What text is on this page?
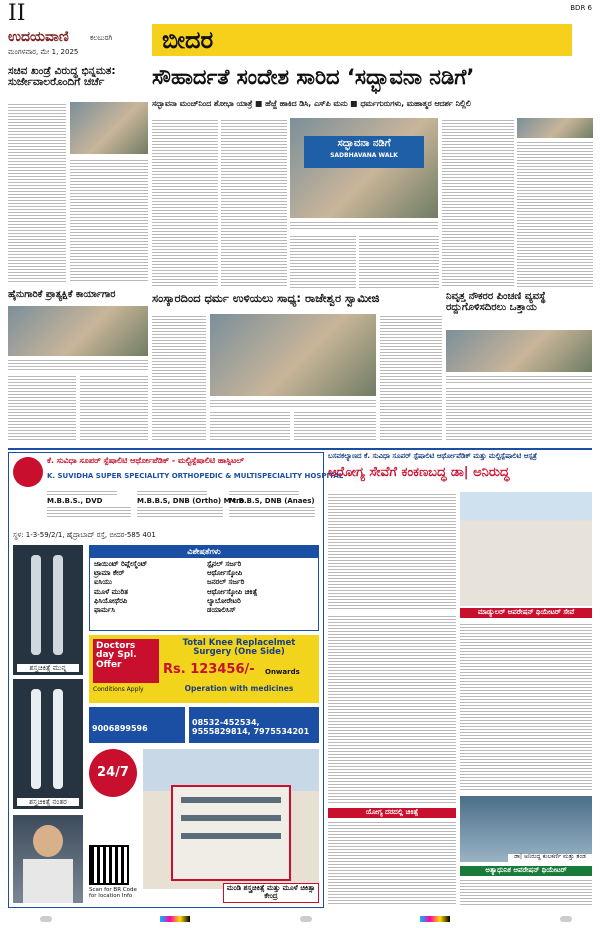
II
ಉದಯವಾಣಿ	ಕಲಬುರಗಿ
ಮಂಗಳವಾರ, ಮೇ 1, 2025	ಬೀದರ
BDR 6
ಸೌಹಾರ್ದತೆ ಸಂದೇಶ ಸಾರಿದ ‘ಸದ್ಭಾವನಾ ನಡಿಗೆ’
ಸದ್ಭಾವನಾ ಮಂಚ್‌ನಿಂದ ಶೋಭಾ ಯಾತ್ರೆ ■ ಹೆಜ್ಜೆ ಹಾಕಿದ ಡಿಸಿ, ಎಸ್‌ಪಿ ಮನು ■ ಧರ್ಮಗುರುಗಳು, ಮಹಾತ್ಮರ ಆದರ್ಶ ನಿಲ್ಲಿಲಿ
ಸದ್ಭಾವನಾ ನಡಿಗೆ
SADBHAVANA WALK
ಸಚಿವ ಖಂಡ್ರೆ ವಿರುದ್ಧ ಭಿನ್ನಮತ: ಸುರ್ಜೇವಾಲರೊಂದಿಗೆ ಚರ್ಚೆ
ಹೈನುಗಾರಿಕೆ ಪ್ರಾತ್ಯಕ್ಷಿಕೆ ಕಾರ್ಯಾಗಾರ	ಸಂಸ್ಕಾರದಿಂದ ಧರ್ಮ ಉಳಿಯಲು ಸಾಧ್ಯ: ರಾಜೇಶ್ವರ ಸ್ವಾಮೀಜಿ	ನಿವೃತ್ತ ನೌಕರರ ಪಿಂಚಣಿ ವ್ಯವಸ್ಥೆ ರದ್ದುಗೊಳಿಸದಿರಲು ಒತ್ತಾಯ
ಕೆ. ಸುವಿಧಾ ಸೂಪರ್ ಸ್ಪೆಷಾಲಿಟಿ ಆರ್ಥೋಪೆಡಿಕ್ - ಮಲ್ಟಿಸ್ಪೆಷಾಲಿಟಿ ಹಾಸ್ಪಿಟಲ್
K. SUVIDHA SUPER SPECIALITY ORTHOPEDIC & MULTISPECIALITY HOSPITAL
M.B.B.S., DVD	M.B.B.S, DNB (Ortho) M'tro
M.B.B.S, DNB (Anaes)
ಸ್ಥಳ: 1-3-59/2/1, ಹೈದ್ರಾಬಾದ್ ರಸ್ತೆ, ಬೀದರ-585 401
ಶಸ್ತ್ರಚಿಕಿತ್ಸೆ ಮುನ್ನ
ಶಸ್ತ್ರಚಿಕಿತ್ಸೆ ನಂತರ
ವಿಶೇಷತೆಗಳು
ಜಾಯಿಂಟ್ ರಿಪ್ಲೇಸ್ಮೆಂಟ್	ಸ್ಪೈನಲ್ ಸರ್ಜರಿ
ಟ್ರಾಮಾ ಕೇರ್	ಆರ್ಥೋಸ್ಕೋಪಿ
ಐಸಿಯು	ಜನರಲ್ ಸರ್ಜರಿ
ಮೂಳೆ ಮುರಿತ	ಆರ್ಥೋಸ್ಕೋಪಿ ಚಿಕಿತ್ಸೆ
ಫಿಸಿಯೋಥೆರಪಿ	ಲ್ಯಾಬೋರೇಟರಿ
ಫಾರ್ಮಸಿ	ಡಯಾಲಿಸಿಸ್
Doctors day Spl. Offer
Conditions Apply
Total Knee Replacelmet Surgery (One Side)
Rs. 123456/-	Onwards
Operation with medicines
9006899596
08532-452534,
9555829814, 7975534201
24/7
ಮಂಡಿ ಶಸ್ತ್ರಚಿಕಿತ್ಸೆ ಮತ್ತು ಮೂಳೆ ಚಿಕಿತ್ಸಾ ಕೇಂದ್ರ
Scan for BR Code for location Info
ಬಸವಕಲ್ಯಾಣದ ಕೆ. ಸುವಿಧಾ ಸೂಪರ್ ಸ್ಪೆಷಾಲಿಟಿ ಆರ್ಥೋಪೆಡಿಕ್ ಮತ್ತು ಮಲ್ಟಿಸ್ಪೆಷಾಲಿಟಿ ಆಸ್ಪತ್ರೆ
ಆರೋಗ್ಯ ಸೇವೆಗೆ ಕಂಕಣಬದ್ಧ ಡಾ| ಅನಿರುದ್ಧ
ಮಾಡ್ಯುಲರ್ ಆಪರೇಷನ್ ಥಿಯೇಟರ್ ಸೇವೆ
ಯೋಗ್ಯ ದರದಲ್ಲಿ ಚಿಕಿತ್ಸೆ
ಡಾ| ಅನಿರುದ್ಧ ಕುಲಕರ್ಣಿ ಮತ್ತು ತಂಡ
ಅತ್ಯಾಧುನಿಕ ಆಪರೇಷನ್ ಥಿಯೇಟರ್
